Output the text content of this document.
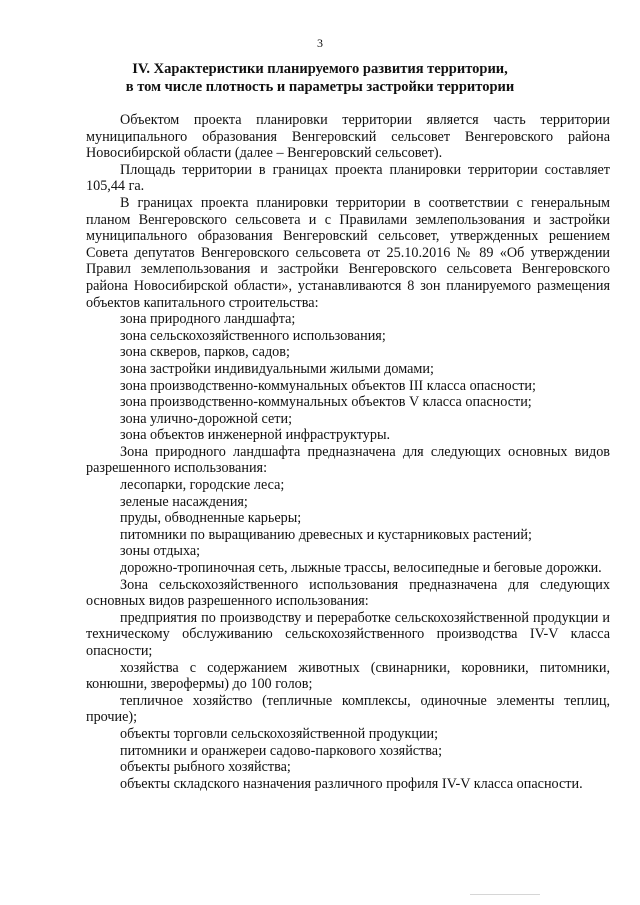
3
IV. Характеристики планируемого развития территории,
в том числе плотность и параметры застройки территории

Объектом проекта планировки территории является часть территории муниципального образования Венгеровский сельсовет Венгеровского района Новосибирской области (далее – Венгеровский сельсовет).

Площадь территории в границах проекта планировки территории составляет 105,44 га.

В границах проекта планировки территории в соответствии с генеральным планом Венгеровского сельсовета и с Правилами землепользования и застройки муниципального образования Венгеровский сельсовет, утвержденных решением Совета депутатов Венгеровского сельсовета от 25.10.2016 № 89 «Об утверждении Правил землепользования и застройки Венгеровского сельсовета Венгеровского района Новосибирской области», устанавливаются 8 зон планируемого размещения объектов капитального строительства:

зона природного ландшафта;

зона сельскохозяйственного использования;

зона скверов, парков, садов;

зона застройки индивидуальными жилыми домами;

зона производственно-коммунальных объектов III класса опасности;

зона производственно-коммунальных объектов V класса опасности;

зона улично-дорожной сети;

зона объектов инженерной инфраструктуры.

Зона природного ландшафта предназначена для следующих основных видов разрешенного использования:

лесопарки, городские леса;

зеленые насаждения;

пруды, обводненные карьеры;

питомники по выращиванию древесных и кустарниковых растений;

зоны отдыха;

дорожно-тропиночная сеть, лыжные трассы, велосипедные и беговые дорожки.

Зона сельскохозяйственного использования предназначена для следующих основных видов разрешенного использования:

предприятия по производству и переработке сельскохозяйственной продукции и техническому обслуживанию сельскохозяйственного производства IV-V класса опасности;

хозяйства с содержанием животных (свинарники, коровники, питомники, конюшни, зверофермы) до 100 голов;

тепличное хозяйство (тепличные комплексы, одиночные элементы теплиц, прочие);

объекты торговли сельскохозяйственной продукции;

питомники и оранжереи садово-паркового хозяйства;

объекты рыбного хозяйства;

объекты складского назначения различного профиля IV-V класса опасности.
